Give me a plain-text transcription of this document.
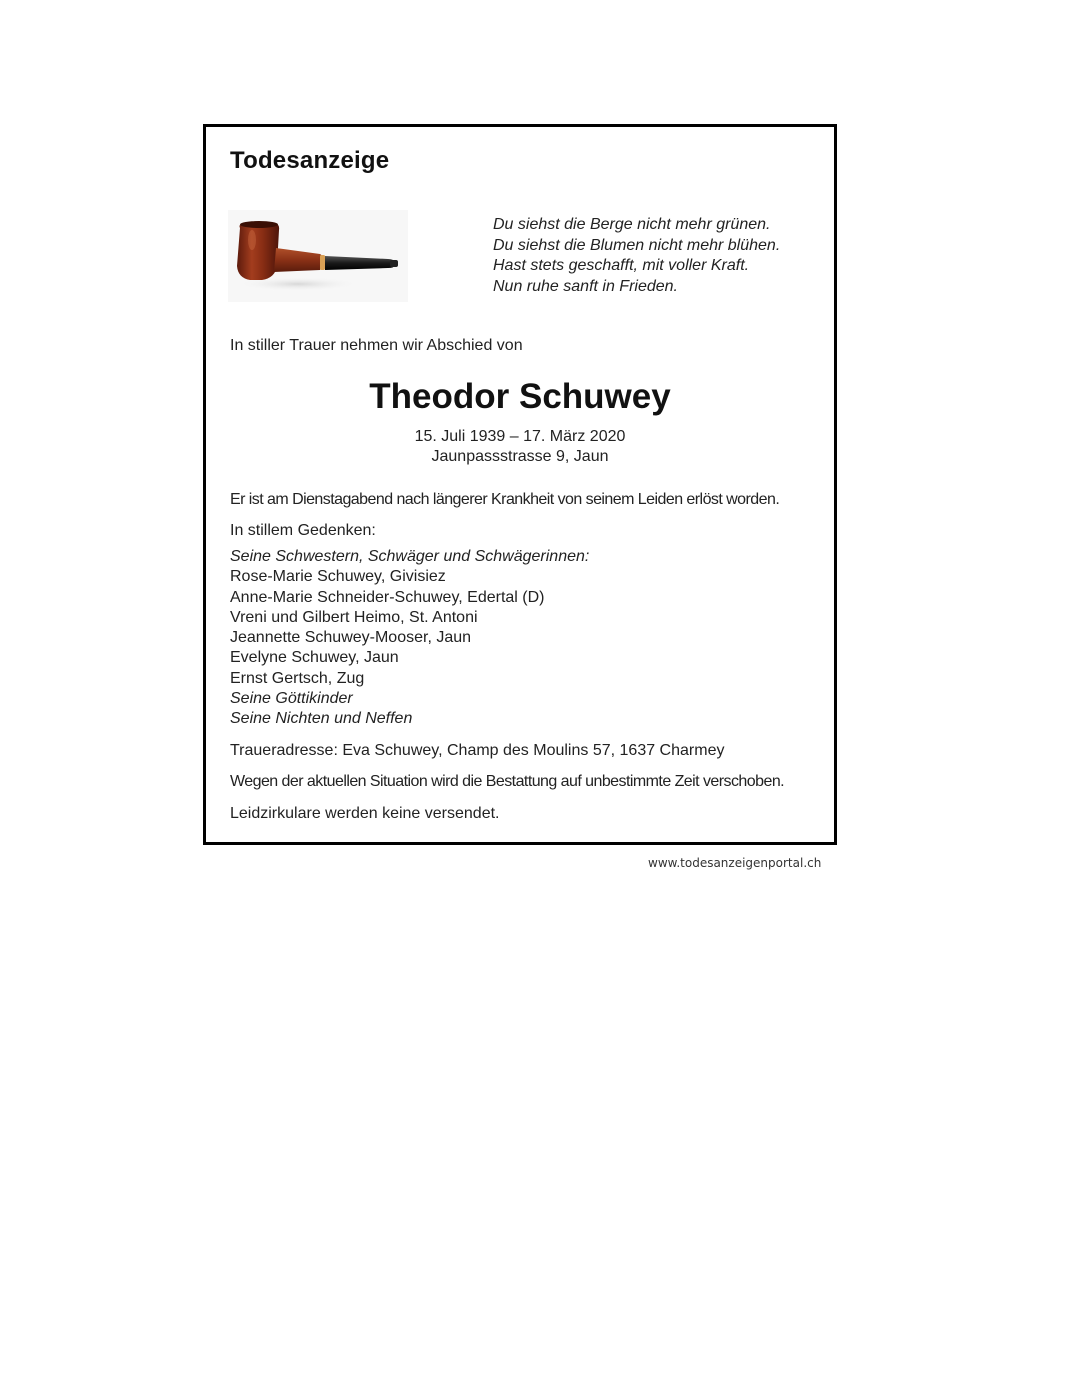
Todesanzeige
Du siehst die Berge nicht mehr grünen.
Du siehst die Blumen nicht mehr blühen.
Hast stets geschafft, mit voller Kraft.
Nun ruhe sanft in Frieden.
In stiller Trauer nehmen wir Abschied von
Theodor Schuwey
15. Juli 1939 – 17. März 2020
Jaunpassstrasse 9, Jaun
Er ist am Dienstagabend nach längerer Krankheit von seinem Leiden erlöst worden.
In stillem Gedenken:
Seine Schwestern, Schwäger und Schwägerinnen:
Rose-Marie Schuwey, Givisiez
Anne-Marie Schneider-Schuwey, Edertal (D)
Vreni und Gilbert Heimo, St. Antoni
Jeannette Schuwey-Mooser, Jaun
Evelyne Schuwey, Jaun
Ernst Gertsch, Zug
Seine Göttikinder
Seine Nichten und Neffen
Traueradresse: Eva Schuwey, Champ des Moulins 57, 1637 Charmey
Wegen der aktuellen Situation wird die Bestattung auf unbestimmte Zeit verschoben.
Leidzirkulare werden keine versendet.
www.todesanzeigenportal.ch
